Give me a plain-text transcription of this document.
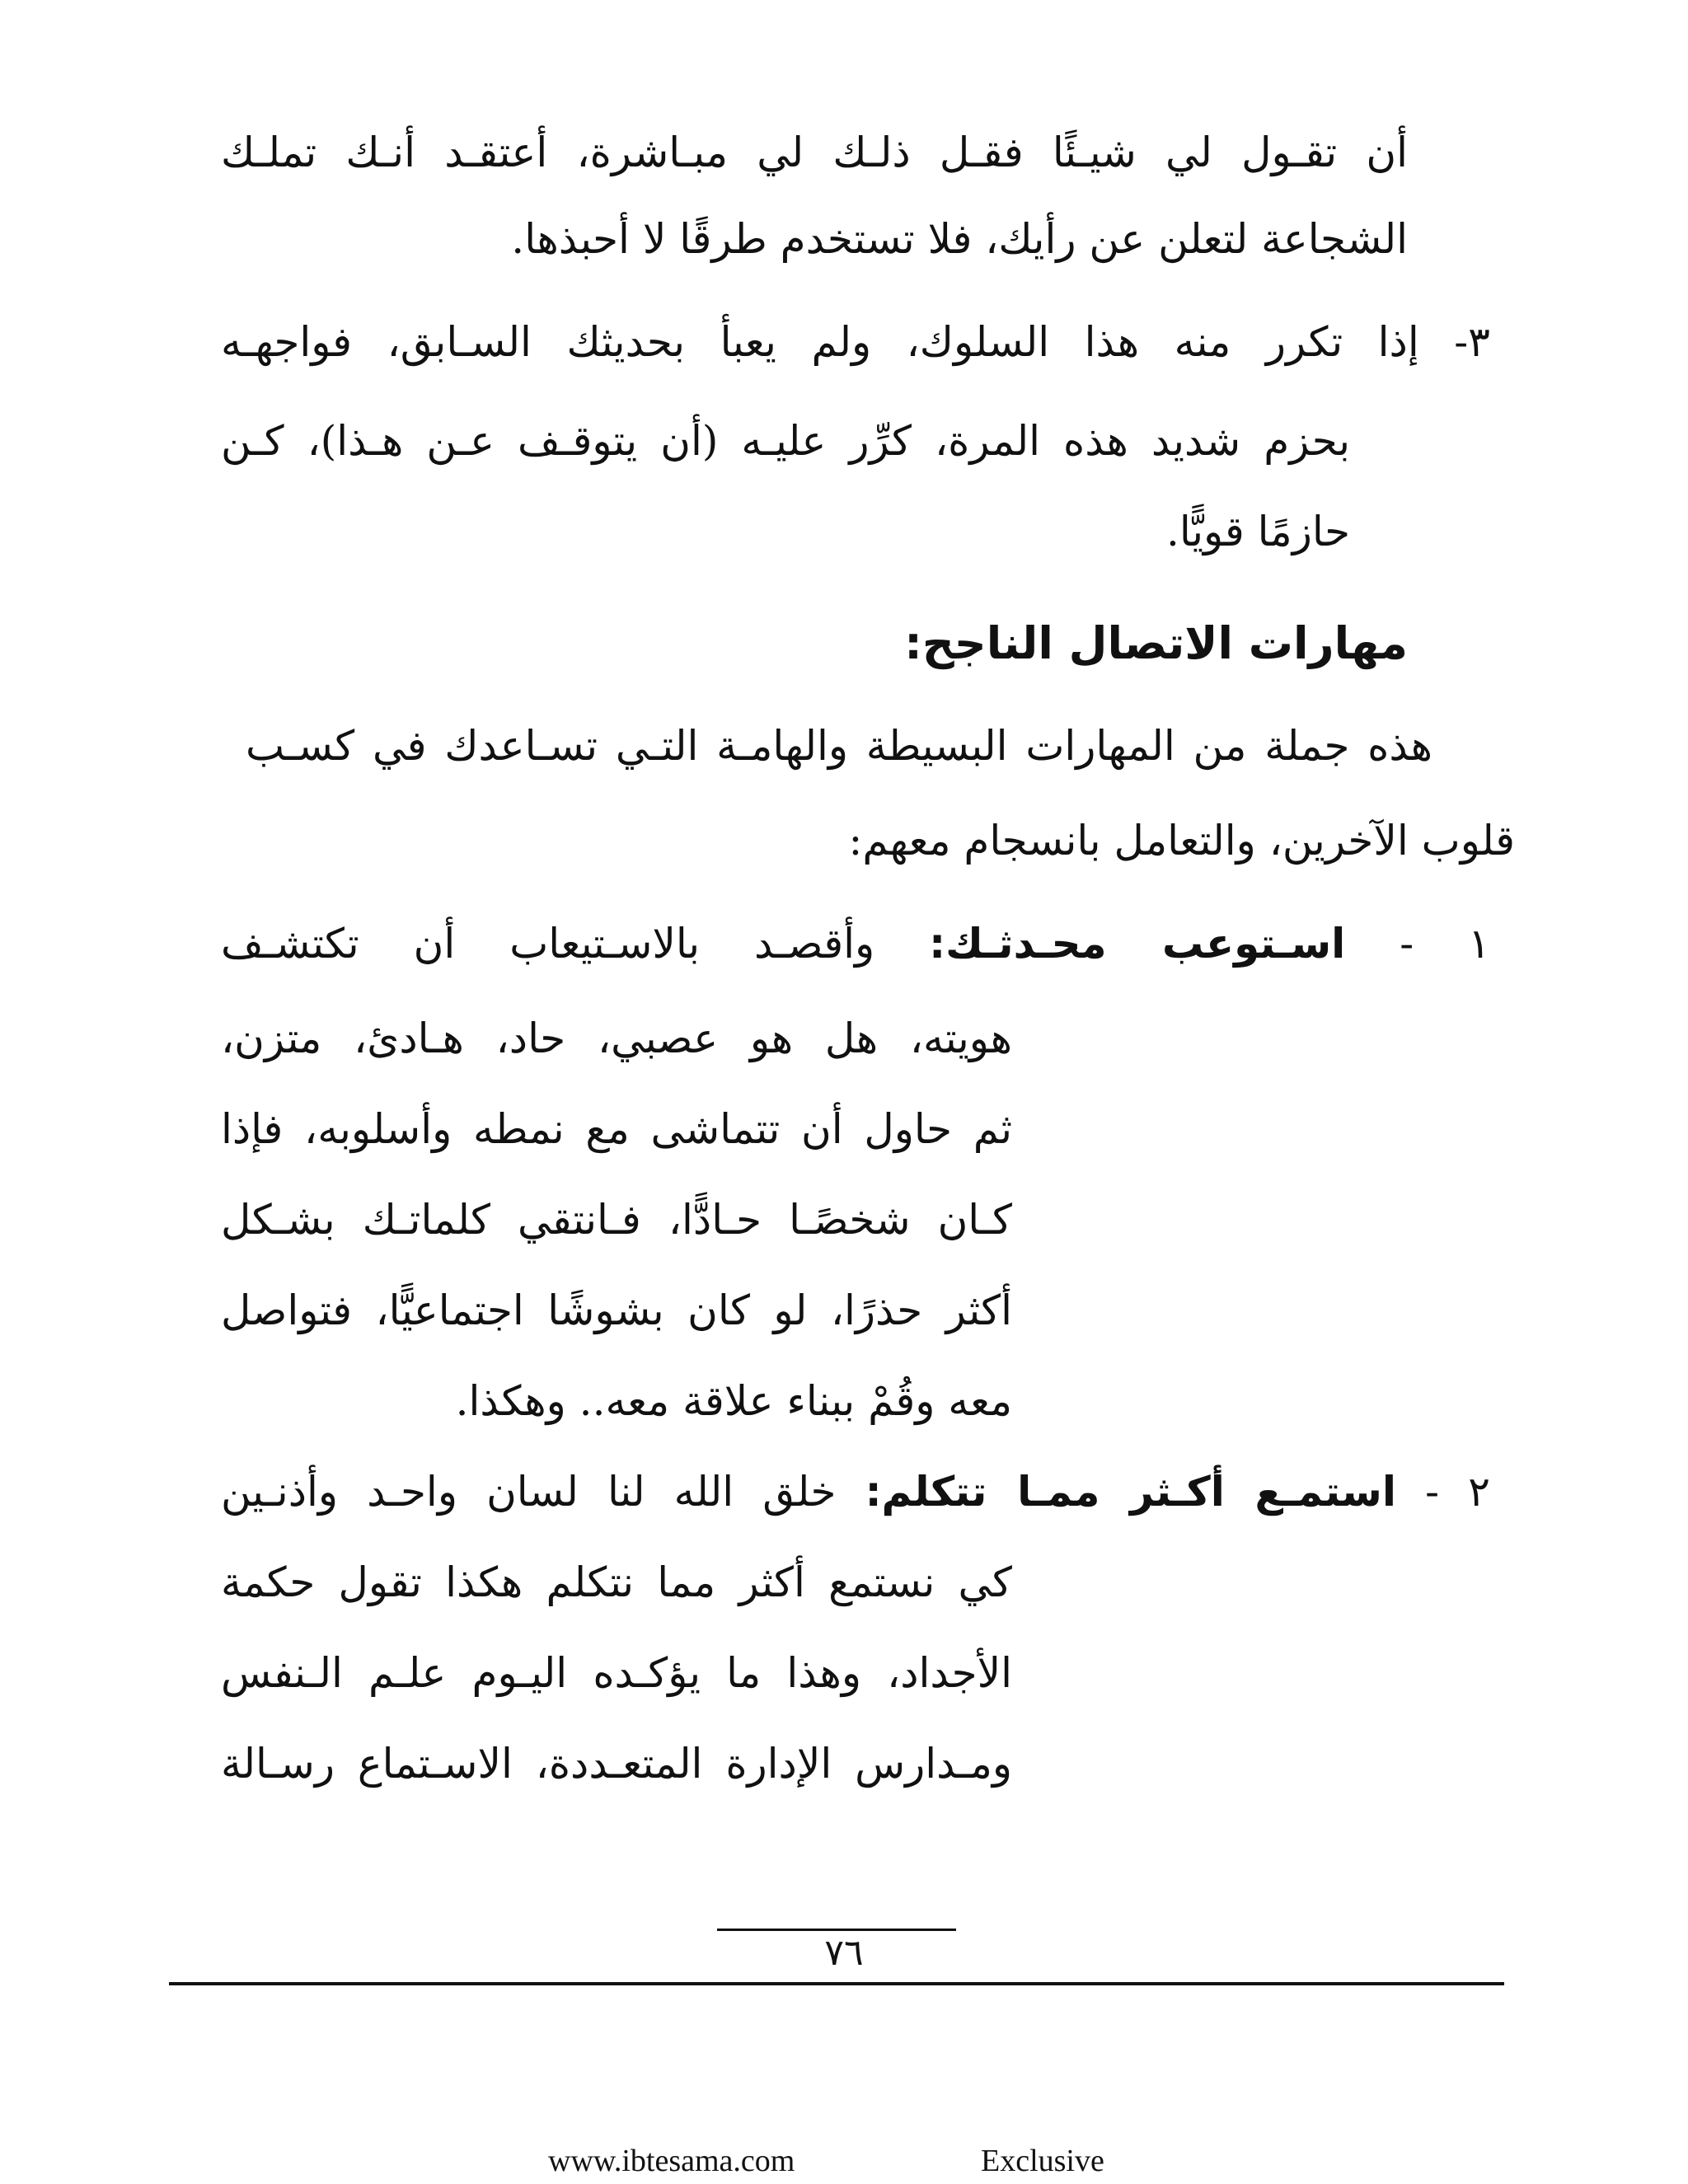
أن تقـول لي شيـئًا فقـل ذلـك لي مبـاشرة، أعتقـد أنـك تملـك
الشجاعة لتعلن عن رأيك، فلا تستخدم طرقًا لا أحبذها.
٣- إذا تكرر منه هذا السلوك، ولم يعبأ بحديثك السـابق، فواجهـه
بحزم شديد هذه المرة، كرِّر عليـه (أن يتوقـف عـن هـذا)، كـن
حازمًا قويًّا.
مهارات الاتصال الناجح:
هذه جملة من المهارات البسيطة والهامـة التـي تسـاعدك في كسـب
قلوب الآخرين، والتعامل بانسجام معهم:
١ - اسـتوعب محـدثـك: وأقصـد بالاسـتيعاب أن تكتشـف
هويته، هل هو عصبي، حاد، هـادئ، متزن،
ثم حاول أن تتماشى مع نمطه وأسلوبه، فإذا
كـان شخصًـا حـادًّا، فـانتقي كلماتـك بشـكل
أكثر حذرًا، لو كان بشوشًا اجتماعيًّا، فتواصل
معه وقُمْ ببناء علاقة معه.. وهكذا.
٢ - استمـع أكـثر ممـا تتكلم: خلق الله لنا لسان واحـد وأذنـين
كي نستمع أكثر مما نتكلم هكذا تقول حكمة
الأجداد، وهذا ما يؤكـده اليـوم علـم الـنفس
ومـدارس الإدارة المتعـددة، الاسـتماع رسـالة
٧٦
www.ibtesama.com	Exclusive
